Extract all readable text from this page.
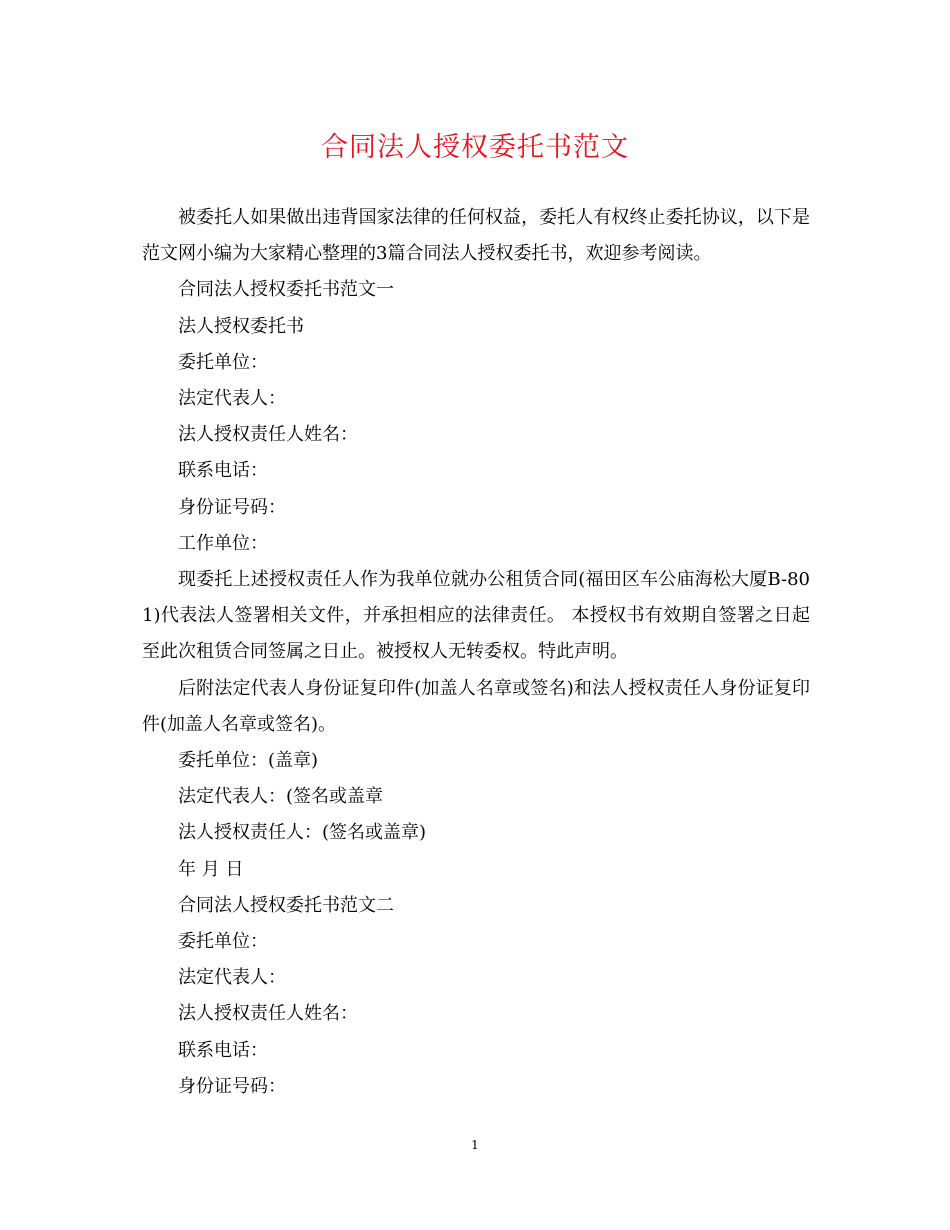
合同法人授权委托书范文

被委托人如果做出违背国家法律的任何权益，委托人有权终止委托协议，以下是范文网小编为大家精心整理的3篇合同法人授权委托书，欢迎参考阅读。

合同法人授权委托书范文一

法人授权委托书

委托单位：

法定代表人：

法人授权责任人姓名：

联系电话：

身份证号码：

工作单位：

现委托上述授权责任人作为我单位就办公租赁合同(福田区车公庙海松大厦B-801)代表法人签署相关文件，并承担相应的法律责任。 本授权书有效期自签署之日起至此次租赁合同签属之日止。被授权人无转委权。特此声明。

后附法定代表人身份证复印件(加盖人名章或签名)和法人授权责任人身份证复印件(加盖人名章或签名)。

委托单位：(盖章)

法定代表人：(签名或盖章

法人授权责任人：(签名或盖章)

年 月 日

合同法人授权委托书范文二

委托单位：

法定代表人：

法人授权责任人姓名：

联系电话：

身份证号码：

1
